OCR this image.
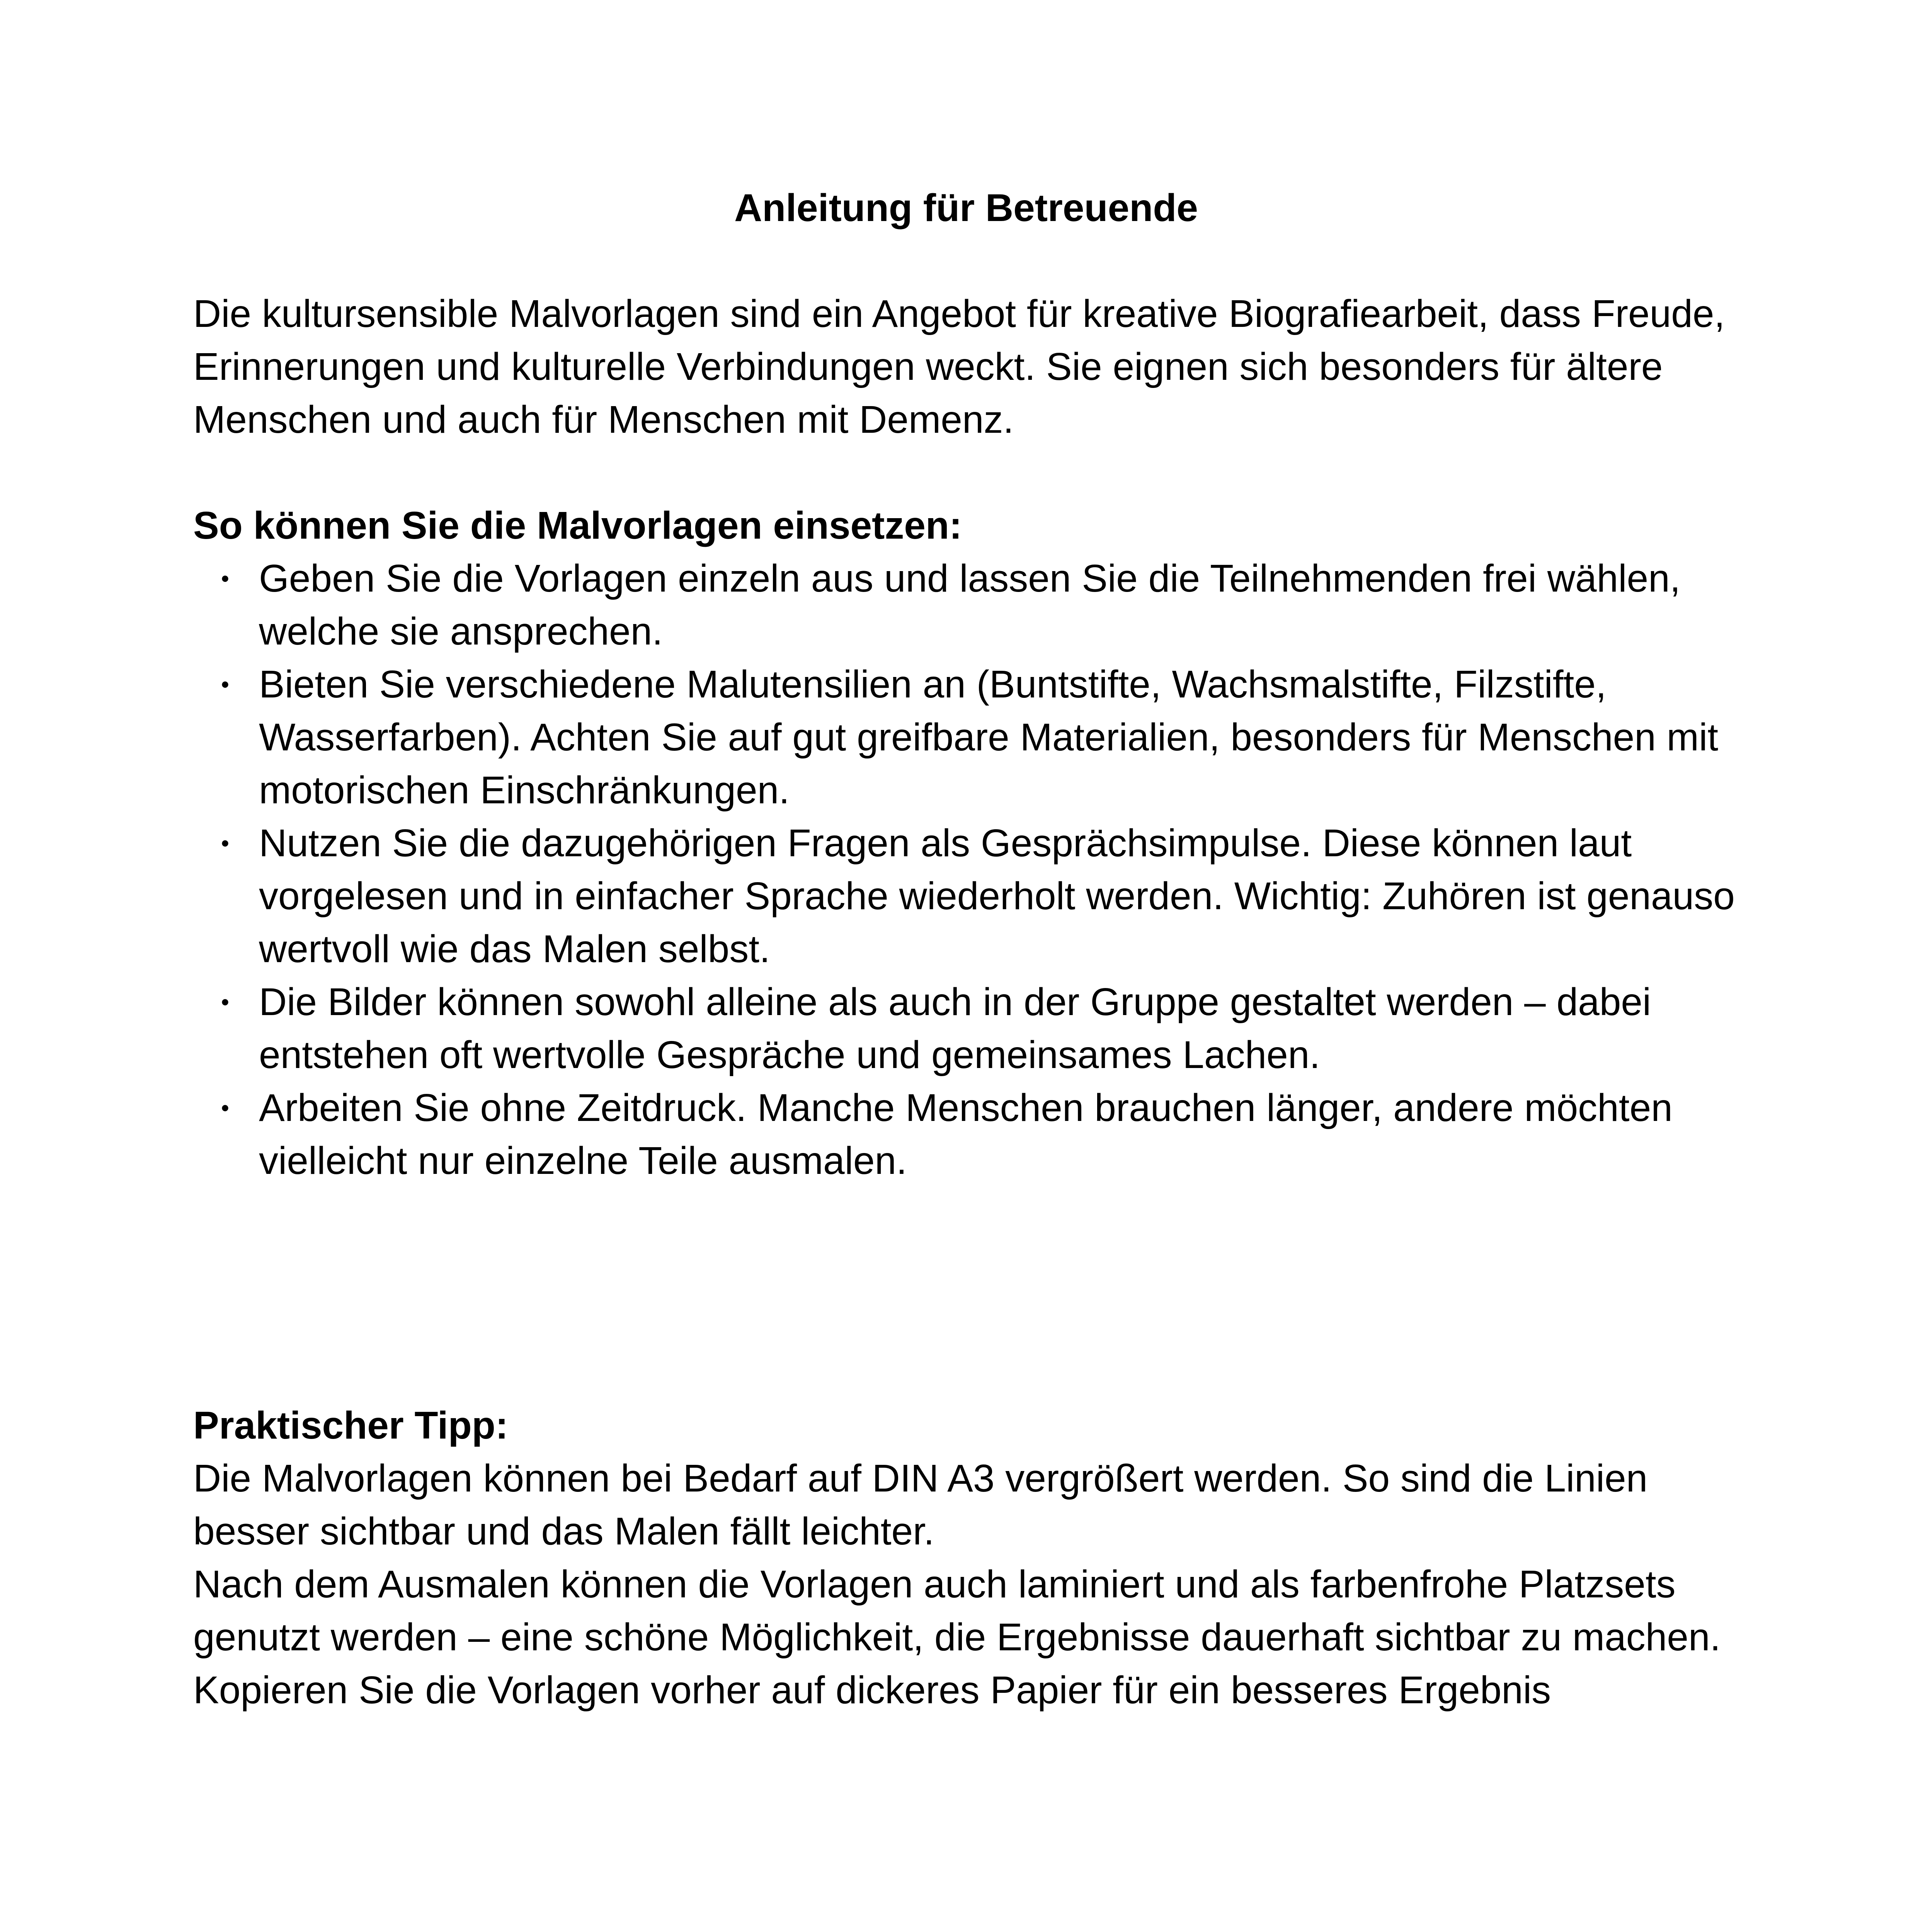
Anleitung für Betreuende

Die kultursensible Malvorlagen sind ein Angebot für kreative Biografiearbeit, dass Freude, Erinnerungen und kulturelle Verbindungen weckt. Sie eignen sich besonders für ältere Menschen und auch für Menschen mit Demenz.

So können Sie die Malvorlagen einsetzen:

• Geben Sie die Vorlagen einzeln aus und lassen Sie die Teilnehmenden frei wählen, welche sie ansprechen.
• Bieten Sie verschiedene Malutensilien an (Buntstifte, Wachsmalstifte, Filzstifte, Wasserfarben). Achten Sie auf gut greifbare Materialien, besonders für Menschen mit motorischen Einschränkungen.
• Nutzen Sie die dazugehörigen Fragen als Gesprächsimpulse. Diese können laut vorgelesen und in einfacher Sprache wiederholt werden. Wichtig: Zuhören ist genauso wertvoll wie das Malen selbst.
• Die Bilder können sowohl alleine als auch in der Gruppe gestaltet werden – dabei entstehen oft wertvolle Gespräche und gemeinsames Lachen.
• Arbeiten Sie ohne Zeitdruck. Manche Menschen brauchen länger, andere möchten vielleicht nur einzelne Teile ausmalen.

Praktischer Tipp:

Die Malvorlagen können bei Bedarf auf DIN A3 vergrößert werden. So sind die Linien besser sichtbar und das Malen fällt leichter.

Nach dem Ausmalen können die Vorlagen auch laminiert und als farbenfrohe Platzsets genutzt werden – eine schöne Möglichkeit, die Ergebnisse dauerhaft sichtbar zu machen.

Kopieren Sie die Vorlagen vorher auf dickeres Papier für ein besseres Ergebnis
